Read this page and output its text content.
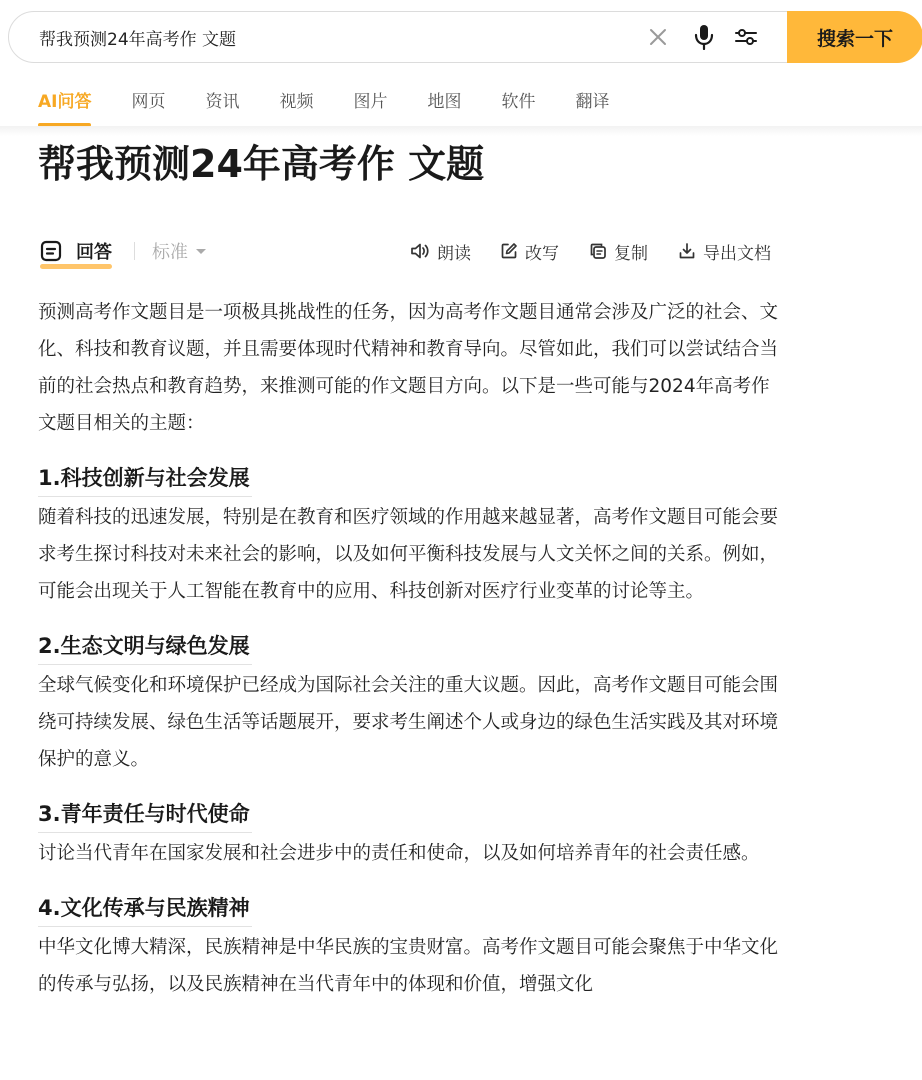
帮我预测24年高考作 文题
搜索一下
AI问答 网页 资讯 视频 图片 地图 软件 翻译
帮我预测24年高考作 文题
回答 标准	朗读	改写	复制	导出文档

预测高考作文题目是一项极具挑战性的任务，因为高考作文题目通常会涉及广泛的社会、文化、科技和教育议题，并且需要体现时代精神和教育导向。尽管如此，我们可以尝试结合当前的社会热点和教育趋势，来推测可能的作文题目方向。以下是一些可能与2024年高考作文题目相关的主题：

1.科技创新与社会发展

随着科技的迅速发展，特别是在教育和医疗领域的作用越来越显著，高考作文题目可能会要求考生探讨科技对未来社会的影响，以及如何平衡科技发展与人文关怀之间的关系。例如，可能会出现关于人工智能在教育中的应用、科技创新对医疗行业变革的讨论等主。

2.生态文明与绿色发展

全球气候变化和环境保护已经成为国际社会关注的重大议题。因此，高考作文题目可能会围绕可持续发展、绿色生活等话题展开，要求考生阐述个人或身边的绿色生活实践及其对环境保护的意义。

3.青年责任与时代使命

讨论当代青年在国家发展和社会进步中的责任和使命，以及如何培养青年的社会责任感。

4.文化传承与民族精神

中华文化博大精深，民族精神是中华民族的宝贵财富。高考作文题目可能会聚焦于中华文化的传承与弘扬，以及民族精神在当代青年中的体现和价值，增强文化
